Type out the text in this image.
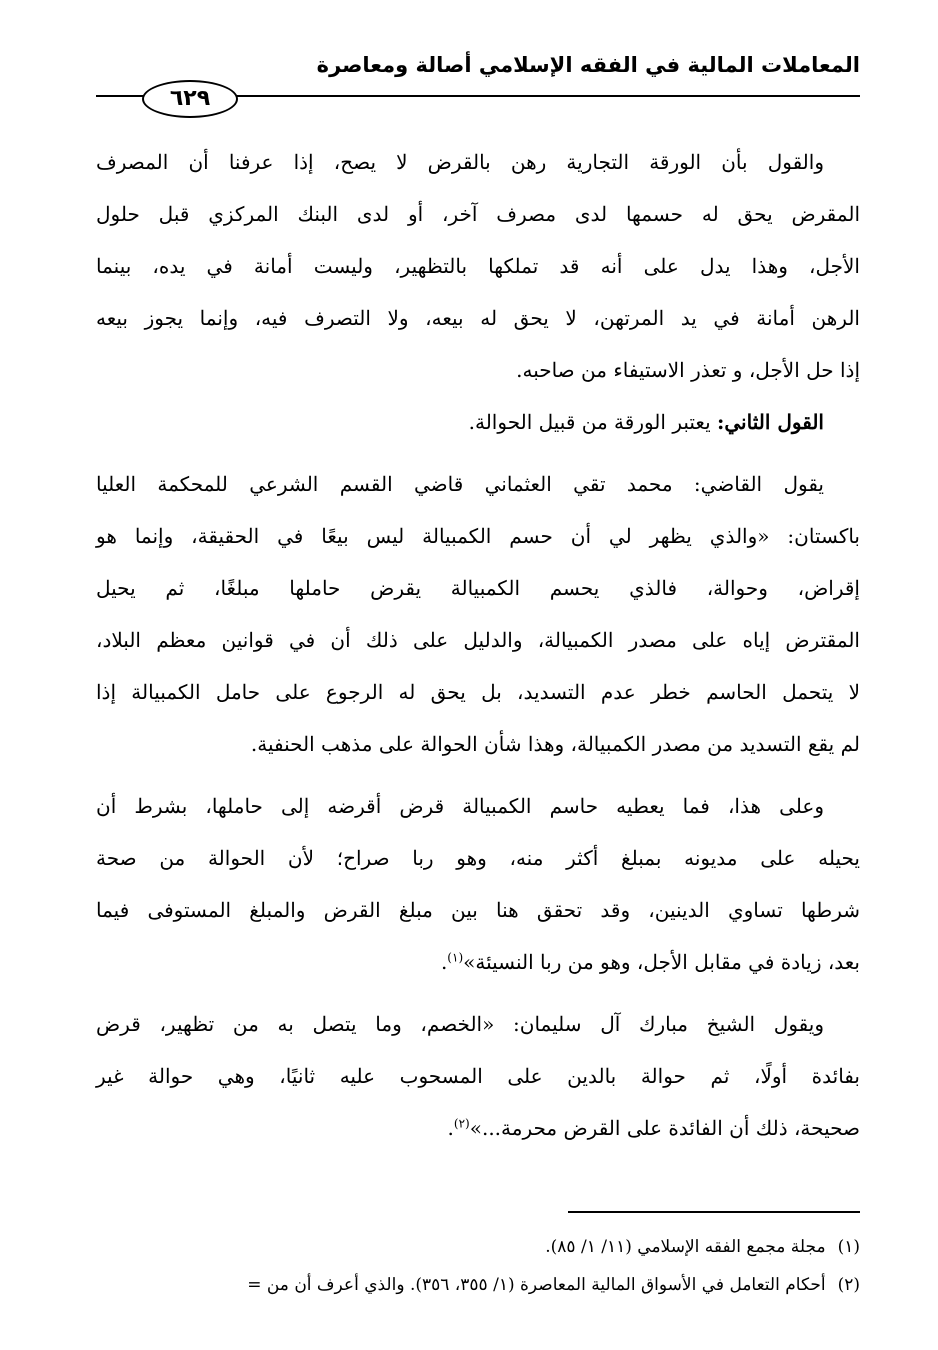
المعاملات المالية في الفقه الإسلامي أصالة ومعاصرة
٦٢٩
والقول بأن الورقة التجارية رهن بالقرض لا يصح، إذا عرفنا أن المصرف
المقرض يحق له حسمها لدى مصرف آخر، أو لدى البنك المركزي قبل حلول
الأجل، وهذا يدل على أنه قد تملكها بالتظهير، وليست أمانة في يده، بينما
الرهن أمانة في يد المرتهن، لا يحق له بيعه، ولا التصرف فيه، وإنما يجوز بيعه
إذا حل الأجل، و تعذر الاستيفاء من صاحبه.
القول الثاني: يعتبر الورقة من قبيل الحوالة.
يقول القاضي: محمد تقي العثماني قاضي القسم الشرعي للمحكمة العليا
باكستان: «والذي يظهر لي أن حسم الكمبيالة ليس بيعًا في الحقيقة، وإنما هو
إقراض، وحوالة، فالذي يحسم الكمبيالة يقرض حاملها مبلغًا، ثم يحيل
المقترض إياه على مصدر الكمبيالة، والدليل على ذلك أن في قوانين معظم البلاد،
لا يتحمل الحاسم خطر عدم التسديد، بل يحق له الرجوع على حامل الكمبيالة إذا
لم يقع التسديد من مصدر الكمبيالة، وهذا شأن الحوالة على مذهب الحنفية.
وعلى هذا، فما يعطيه حاسم الكمبيالة قرض أقرضه إلى حاملها، بشرط أن
يحيله على مديونه بمبلغ أكثر منه، وهو ربا صراح؛ لأن الحوالة من صحة
شرطها تساوي الدينين، وقد تحقق هنا بين مبلغ القرض والمبلغ المستوفى فيما
بعد، زيادة في مقابل الأجل، وهو من ربا النسيئة»$^{(١)}$.
ويقول الشيخ مبارك آل سليمان: «الخصم، وما يتصل به من تظهير، قرض
بفائدة أولًا، ثم حوالة بالدين على المسحوب عليه ثانيًا، وهي حوالة غير
صحيحة، ذلك أن الفائدة على القرض محرمة...»$^{(٢)}$.
(١)مجلة مجمع الفقه الإسلامي (١١/ ١/ ٨٥).
(٢)أحكام التعامل في الأسواق المالية المعاصرة (١/ ٣٥٥، ٣٥٦). والذي أعرف أن من =
